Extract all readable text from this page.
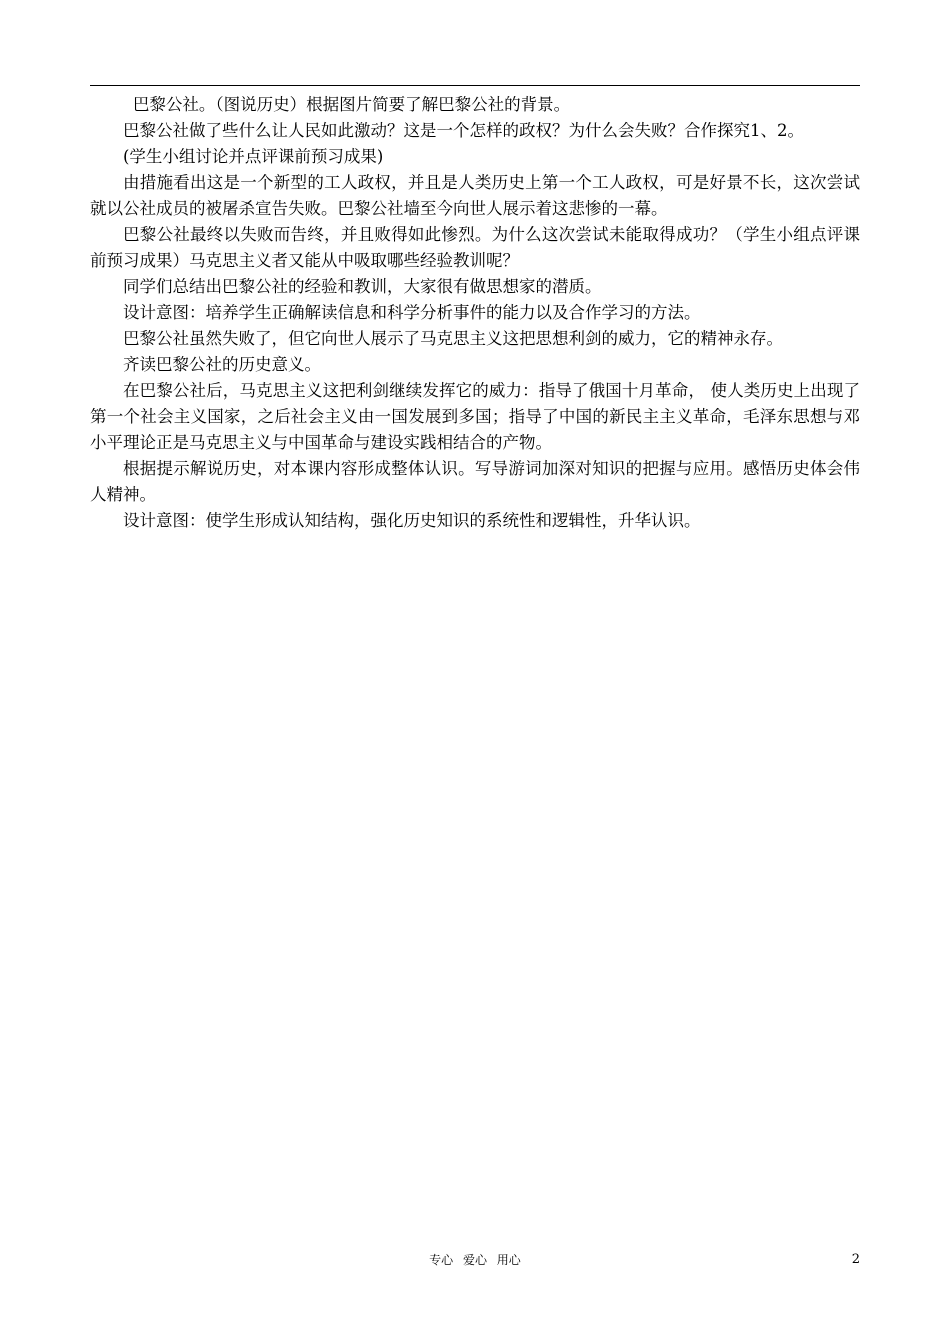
巴黎公社。（图说历史）根据图片简要了解巴黎公社的背景。

巴黎公社做了些什么让人民如此激动？这是一个怎样的政权？为什么会失败？合作探究1、2。

(学生小组讨论并点评课前预习成果)

由措施看出这是一个新型的工人政权，并且是人类历史上第一个工人政权，可是好景不长，这次尝试就以公社成员的被屠杀宣告失败。巴黎公社墙至今向世人展示着这悲惨的一幕。

巴黎公社最终以失败而告终，并且败得如此惨烈。为什么这次尝试未能取得成功？（学生小组点评课前预习成果）马克思主义者又能从中吸取哪些经验教训呢？

同学们总结出巴黎公社的经验和教训，大家很有做思想家的潜质。

设计意图：培养学生正确解读信息和科学分析事件的能力以及合作学习的方法。

巴黎公社虽然失败了，但它向世人展示了马克思主义这把思想利剑的威力，它的精神永存。

齐读巴黎公社的历史意义。

在巴黎公社后，马克思主义这把利剑继续发挥它的威力：指导了俄国十月革命， 使人类历史上出现了第一个社会主义国家，之后社会主义由一国发展到多国；指导了中国的新民主主义革命，毛泽东思想与邓小平理论正是马克思主义与中国革命与建设实践相结合的产物。

根据提示解说历史，对本课内容形成整体认识。写导游词加深对知识的把握与应用。感悟历史体会伟人精神。

设计意图：使学生形成认知结构，强化历史知识的系统性和逻辑性，升华认识。

专心 爱心 用心	2
